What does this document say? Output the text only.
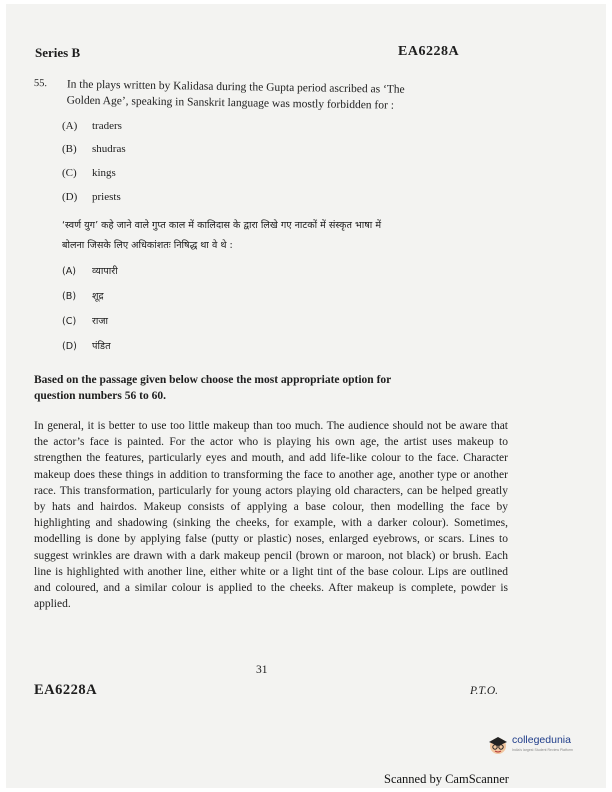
Series B	EA6228A
55. In the plays written by Kalidasa during the Gupta period ascribed as ‘The
Golden Age’, speaking in Sanskrit language was mostly forbidden for :
(A) traders
(B) shudras
(C) kings
(D) priests
‘स्वर्ण युग’ कहे जाने वाले गुप्त काल में कालिदास के द्वारा लिखे गए नाटकों में संस्कृत भाषा में
बोलना जिसके लिए अधिकांशतः निषिद्ध था वे थे :
(A) व्यापारी
(B) शूद्र
(C) राजा
(D) पंडित
Based on the passage given below choose the most appropriate option for
question numbers 56 to 60.
In general, it is better to use too little makeup than too much. The audience should not be aware that the actor’s face is painted. For the actor who is playing his own age, the artist uses makeup to strengthen the features, particularly eyes and mouth, and add life-like colour to the face. Character makeup does these things in addition to transforming the face to another age, another type or another race. This transformation, particularly for young actors playing old characters, can be helped greatly by hats and hairdos. Makeup consists of applying a base colour, then modelling the face by highlighting and shadowing (sinking the cheeks, for example, with a darker colour). Sometimes, modelling is done by applying false (putty or plastic) noses, enlarged eyebrows, or scars. Lines to suggest wrinkles are drawn with a dark makeup pencil (brown or maroon, not black) or brush. Each line is highlighted with another line, either white or a light tint of the base colour. Lips are outlined and coloured, and a similar colour is applied to the cheeks. After makeup is complete, powder is applied.
31
EA6228A	P.T.O.
collegedunia
India's largest Student Review Platform
Scanned by CamScanner
